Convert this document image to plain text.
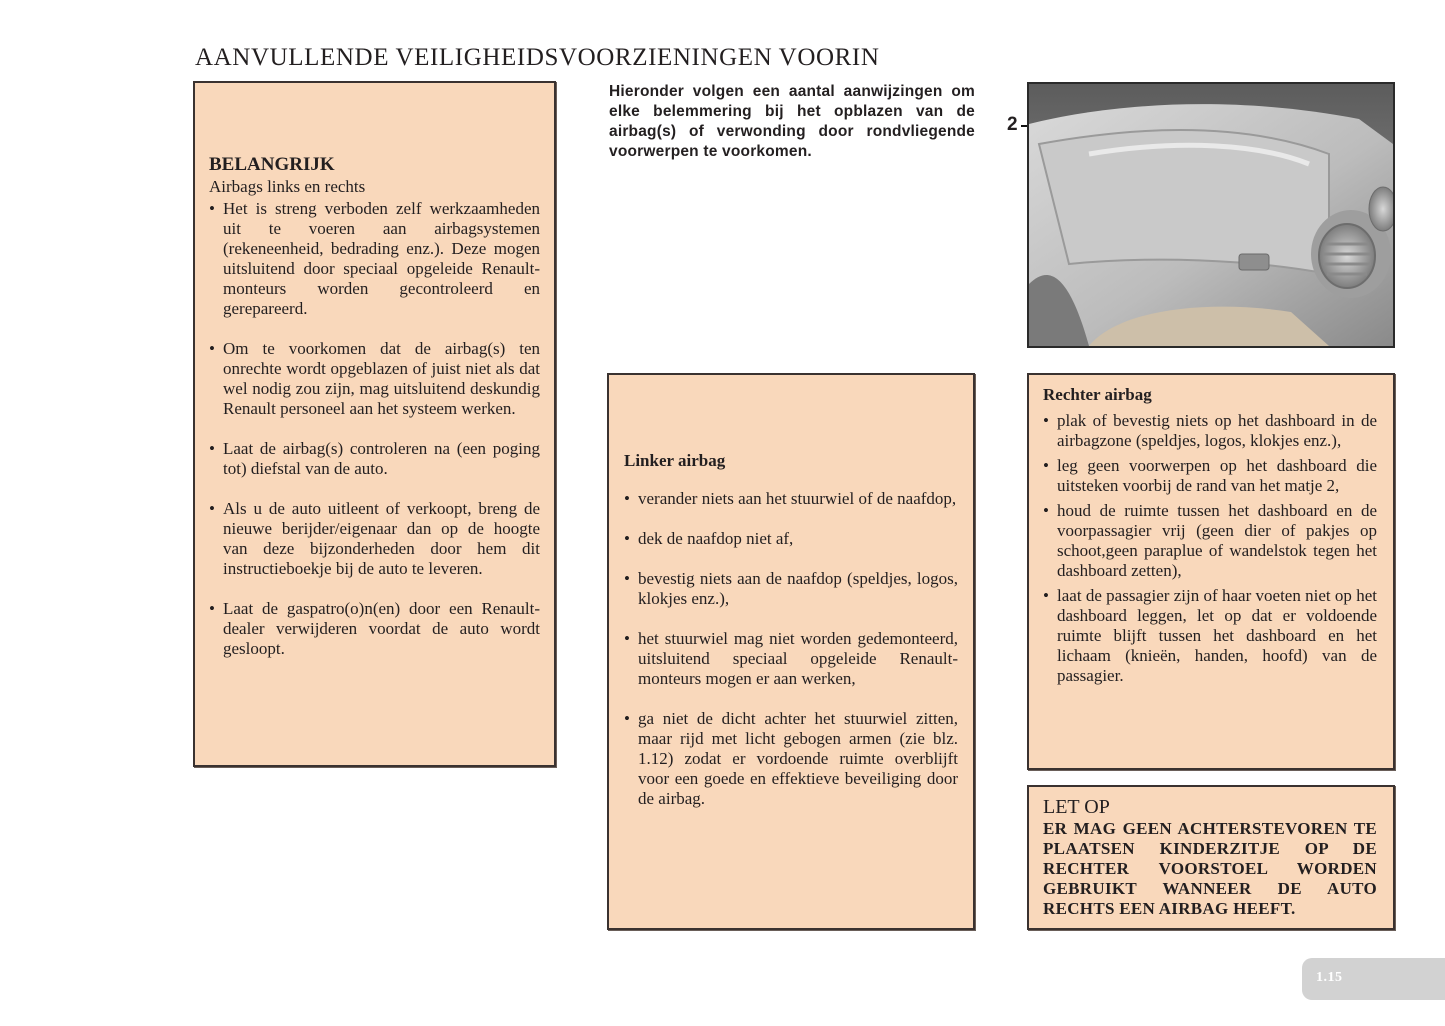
AANVULLENDE VEILIGHEIDSVOORZIENINGEN VOORIN
BELANGRIJK
Airbags links en rechts
• Het is streng verboden zelf werkzaamheden uit te voeren aan airbagsystemen (rekeneenheid, bedrading enz.). Deze mogen uitsluitend door speciaal opgeleide Renault-monteurs worden gecontroleerd en gerepareerd.
• Om te voorkomen dat de airbag(s) ten onrechte wordt opgeblazen of juist niet als dat wel nodig zou zijn, mag uitsluitend deskundig Renault personeel aan het systeem werken.
• Laat de airbag(s) controleren na (een poging tot) diefstal van de auto.
• Als u de auto uitleent of verkoopt, breng de nieuwe berijder/eigenaar dan op de hoogte van deze bijzonderheden door hem dit instructieboekje bij de auto te leveren.
• Laat de gaspatro(o)n(en) door een Renault-dealer verwijderen voordat de auto wordt gesloopt.

Hieronder volgen een aantal aanwijzingen om elke belemmering bij het opblazen van de airbag(s) of verwonding door rondvliegende voorwerpen te voorkomen.

Linker airbag
• verander niets aan het stuurwiel of de naafdop,
• dek de naafdop niet af,
• bevestig niets aan de naafdop (speldjes, logos, klokjes enz.),
• het stuurwiel mag niet worden gedemonteerd, uitsluitend speciaal opgeleide Renault-monteurs mogen er aan werken,
• ga niet de dicht achter het stuurwiel zitten, maar rijd met licht gebogen armen (zie blz. 1.12) zodat er vordoende ruimte overblijft voor een goede en effektieve beveiliging door de airbag.
2
Rechter airbag
• plak of bevestig niets op het dashboard in de airbagzone (speldjes, logos, klokjes enz.),
• leg geen voorwerpen op het dashboard die uitsteken voorbij de rand van het matje 2,
• houd de ruimte tussen het dashboard en de voorpassagier vrij (geen dier of pakjes op schoot,geen paraplue of wandelstok tegen het dashboard zetten),
• laat de passagier zijn of haar voeten niet op het dashboard leggen, let op dat er voldoende ruimte blijft tussen het dashboard en het lichaam (knieën, handen, hoofd) van de passagier.
LET OP
ER MAG GEEN ACHTERSTEVOREN TE PLAATSEN KINDERZITJE OP DE RECHTER VOORSTOEL WORDEN GEBRUIKT WANNEER DE AUTO RECHTS EEN AIRBAG HEEFT.
1.15
